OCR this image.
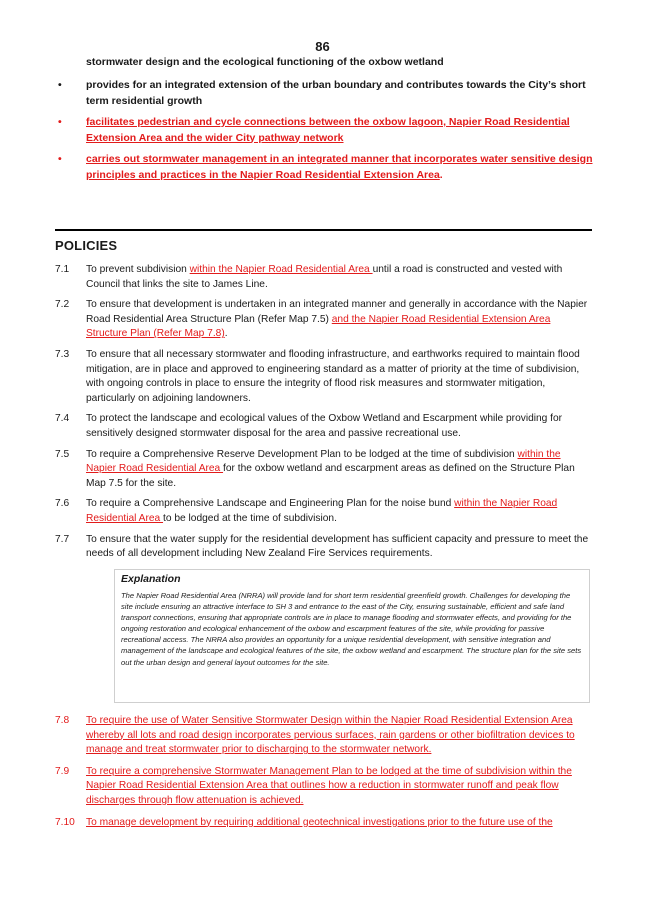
86
stormwater design and the ecological functioning of the oxbow wetland
• provides for an integrated extension of the urban boundary and contributes towards the City’s short term residential growth
• facilitates pedestrian and cycle connections between the oxbow lagoon, Napier Road Residential Extension Area and the wider City pathway network
• carries out stormwater management in an integrated manner that incorporates water sensitive design principles and practices in the Napier Road Residential Extension Area.
POLICIES
7.1 To prevent subdivision within the Napier Road Residential Area until a road is constructed and vested with Council that links the site to James Line.
7.2 To ensure that development is undertaken in an integrated manner and generally in accordance with the Napier Road Residential Area Structure Plan (Refer Map 7.5) and the Napier Road Residential Extension Area Structure Plan (Refer Map 7.8).
7.3 To ensure that all necessary stormwater and flooding infrastructure, and earthworks required to maintain flood mitigation, are in place and approved to engineering standard as a matter of priority at the time of subdivision, with ongoing controls in place to ensure the integrity of flood risk measures and stormwater mitigation, particularly on adjoining landowners.
7.4 To protect the landscape and ecological values of the Oxbow Wetland and Escarpment while providing for sensitively designed stormwater disposal for the area and passive recreational use.
7.5 To require a Comprehensive Reserve Development Plan to be lodged at the time of subdivision within the Napier Road Residential Area for the oxbow wetland and escarpment areas as defined on the Structure Plan Map 7.5 for the site.
7.6 To require a Comprehensive Landscape and Engineering Plan for the noise bund within the Napier Road Residential Area to be lodged at the time of subdivision.
7.7 To ensure that the water supply for the residential development has sufficient capacity and pressure to meet the needs of all development including New Zealand Fire Services requirements.
Explanation
The Napier Road Residential Area (NRRA) will provide land for short term residential greenfield growth. Challenges for developing the site include ensuring an attractive interface to SH 3 and entrance to the east of the City, ensuring sustainable, efficient and safe land transport connections, ensuring that appropriate controls are in place to manage flooding and stormwater effects, and providing for the ongoing restoration and ecological enhancement of the oxbow and escarpment features of the site, while providing for passive recreational access. The NRRA also provides an opportunity for a unique residential development, with sensitive integration and management of the landscape and ecological features of the site, the oxbow wetland and escarpment. The structure plan for the site sets out the urban design and general layout outcomes for the site.
7.8 To require the use of Water Sensitive Stormwater Design within the Napier Road Residential Extension Area whereby all lots and road design incorporates pervious surfaces, rain gardens or other biofiltration devices to manage and treat stormwater prior to discharging to the stormwater network.
7.9 To require a comprehensive Stormwater Management Plan to be lodged at the time of subdivision within the Napier Road Residential Extension Area that outlines how a reduction in stormwater runoff and peak flow discharges through flow attenuation is achieved.
7.10 To manage development by requiring additional geotechnical investigations prior to the future use of the
